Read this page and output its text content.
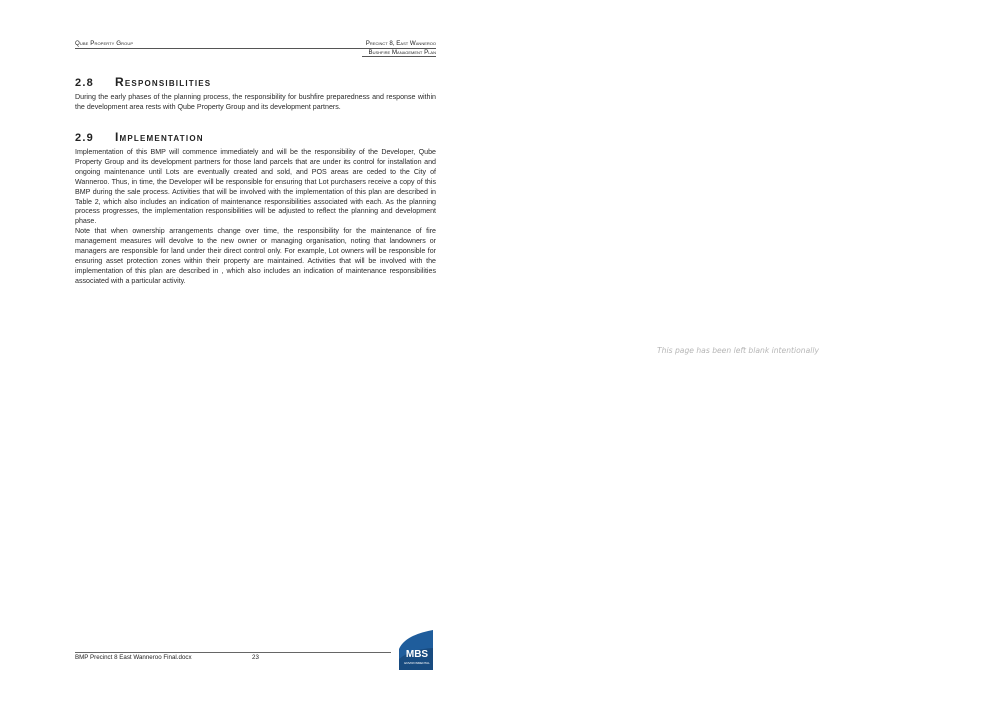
Qube Property Group	Precinct 8, East Wanneroo
Bushfire Management Plan
2.8 Responsibilities

During the early phases of the planning process, the responsibility for bushfire preparedness and response within the development area rests with Qube Property Group and its development partners.

2.9 Implementation

Implementation of this BMP will commence immediately and will be the responsibility of the Developer, Qube Property Group and its development partners for those land parcels that are under its control for installation and ongoing maintenance until Lots are eventually created and sold, and POS areas are ceded to the City of Wanneroo. Thus, in time, the Developer will be responsible for ensuring that Lot purchasers receive a copy of this BMP during the sale process. Activities that will be involved with the implementation of this plan are described in Table 2, which also includes an indication of maintenance responsibilities associated with each. As the planning process progresses, the implementation responsibilities will be adjusted to reflect the planning and development phase.

Note that when ownership arrangements change over time, the responsibility for the maintenance of fire management measures will devolve to the new owner or managing organisation, noting that landowners or managers are responsible for land under their direct control only. For example, Lot owners will be responsible for ensuring asset protection zones within their property are maintained. Activities that will be involved with the implementation of this plan are described in , which also includes an indication of maintenance responsibilities associated with a particular activity.

This page has been left blank intentionally
BMP Precinct 8 East Wanneroo Final.docx	23	MBS
ENVIRONMENTAL
